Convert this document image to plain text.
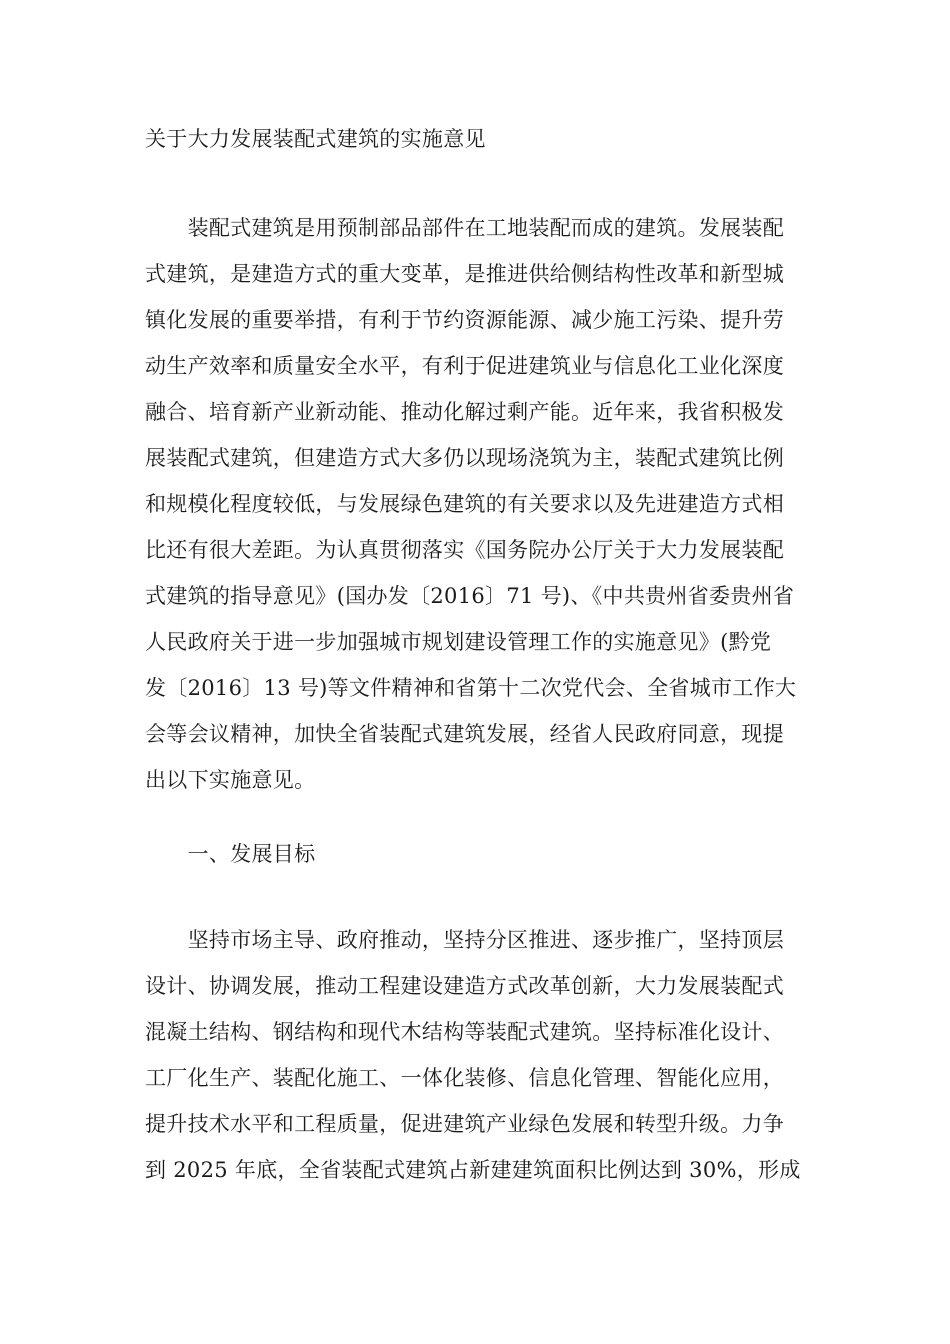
关于大力发展装配式建筑的实施意见
　　装配式建筑是用预制部品部件在工地装配而成的建筑。发展装配
式建筑，是建造方式的重大变革，是推进供给侧结构性改革和新型城
镇化发展的重要举措，有利于节约资源能源、减少施工污染、提升劳
动生产效率和质量安全水平，有利于促进建筑业与信息化工业化深度
融合、培育新产业新动能、推动化解过剩产能。近年来，我省积极发
展装配式建筑，但建造方式大多仍以现场浇筑为主，装配式建筑比例
和规模化程度较低，与发展绿色建筑的有关要求以及先进建造方式相
比还有很大差距。为认真贯彻落实《国务院办公厅关于大力发展装配
式建筑的指导意见》(国办发〔2016〕71 号)、《中共贵州省委贵州省
人民政府关于进一步加强城市规划建设管理工作的实施意见》(黔党
发〔2016〕13 号)等文件精神和省第十二次党代会、全省城市工作大
会等会议精神，加快全省装配式建筑发展，经省人民政府同意，现提
出以下实施意见。
　　一、发展目标
　　坚持市场主导、政府推动，坚持分区推进、逐步推广，坚持顶层
设计、协调发展，推动工程建设建造方式改革创新，大力发展装配式
混凝土结构、钢结构和现代木结构等装配式建筑。坚持标准化设计、
工厂化生产、装配化施工、一体化装修、信息化管理、智能化应用，
提升技术水平和工程质量，促进建筑产业绿色发展和转型升级。力争
到 2025 年底，全省装配式建筑占新建建筑面积比例达到 30%，形成
